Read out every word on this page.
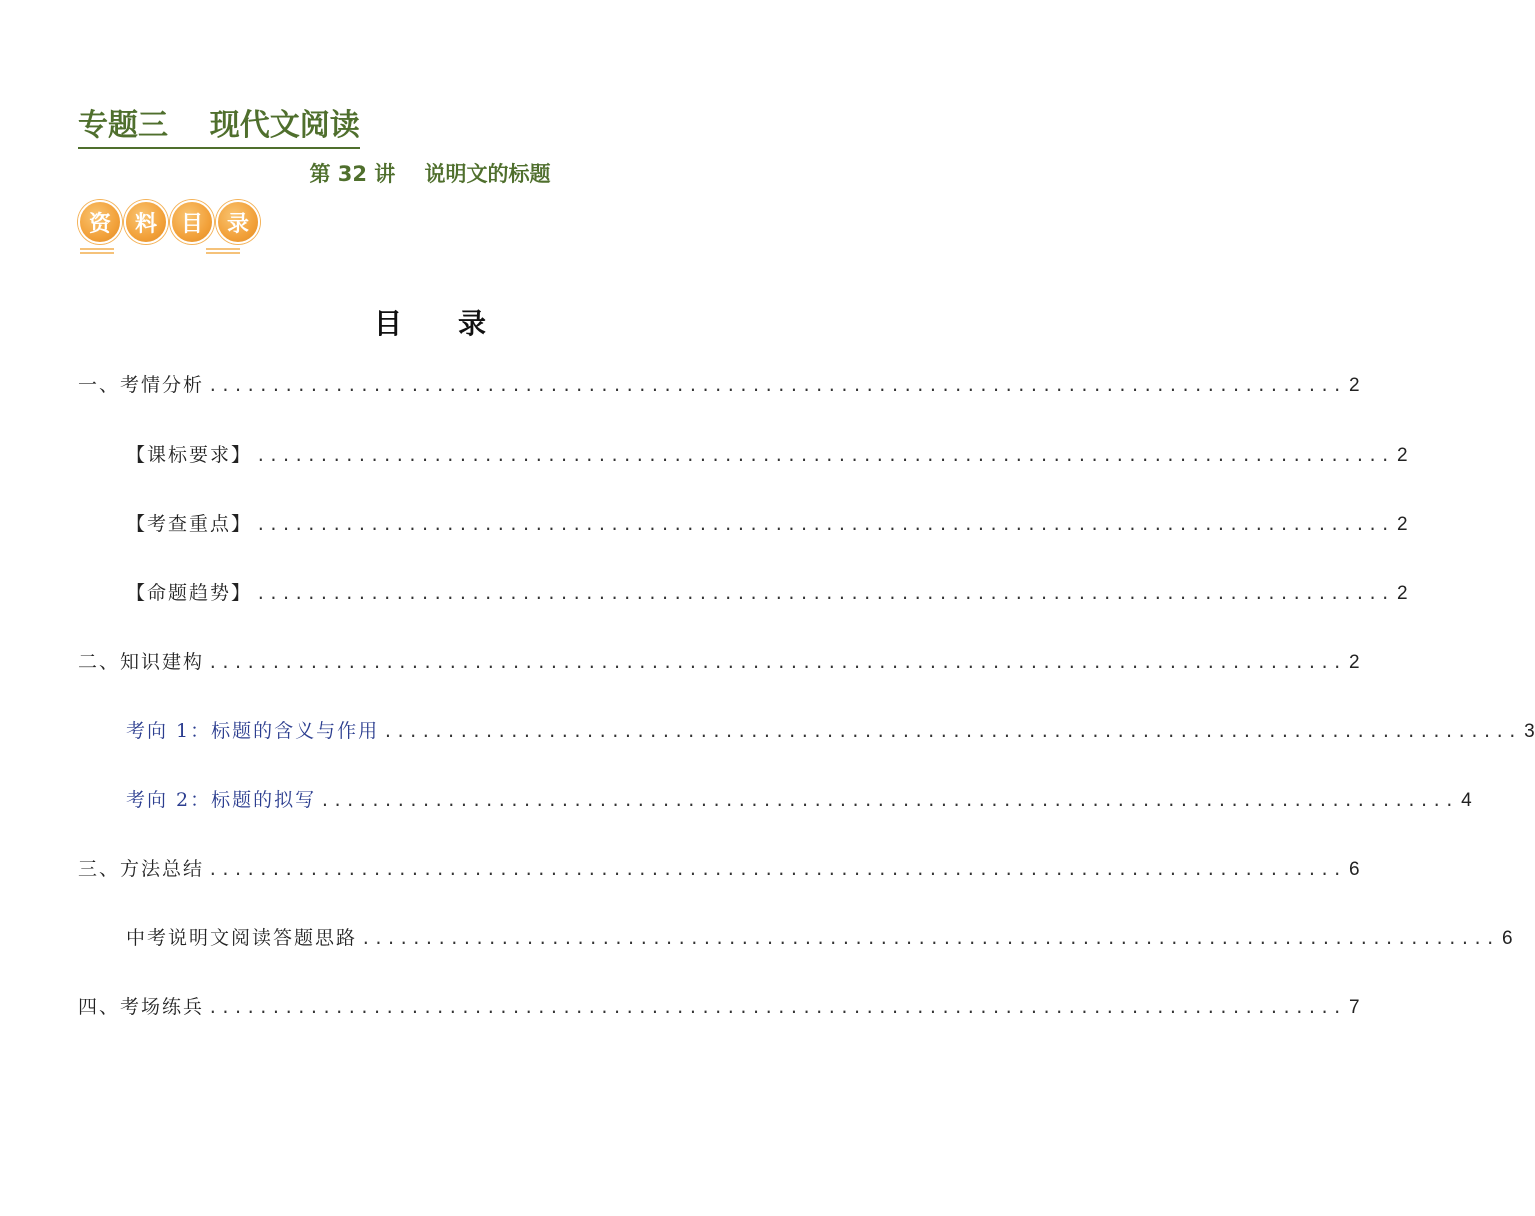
专题三    现代文阅读
第 32 讲    说明文的标题
资	料	目	录
目 录
一、考情分析 .......................................................................................... 2
【课标要求】 .......................................................................................... 2
【考查重点】 .......................................................................................... 2
【命题趋势】 .......................................................................................... 2
二、知识建构 .......................................................................................... 2
考向 1：标题的含义与作用 .......................................................................................... 3
考向 2：标题的拟写 .......................................................................................... 4
三、方法总结 .......................................................................................... 6
中考说明文阅读答题思路 .......................................................................................... 6
四、考场练兵 .......................................................................................... 7
